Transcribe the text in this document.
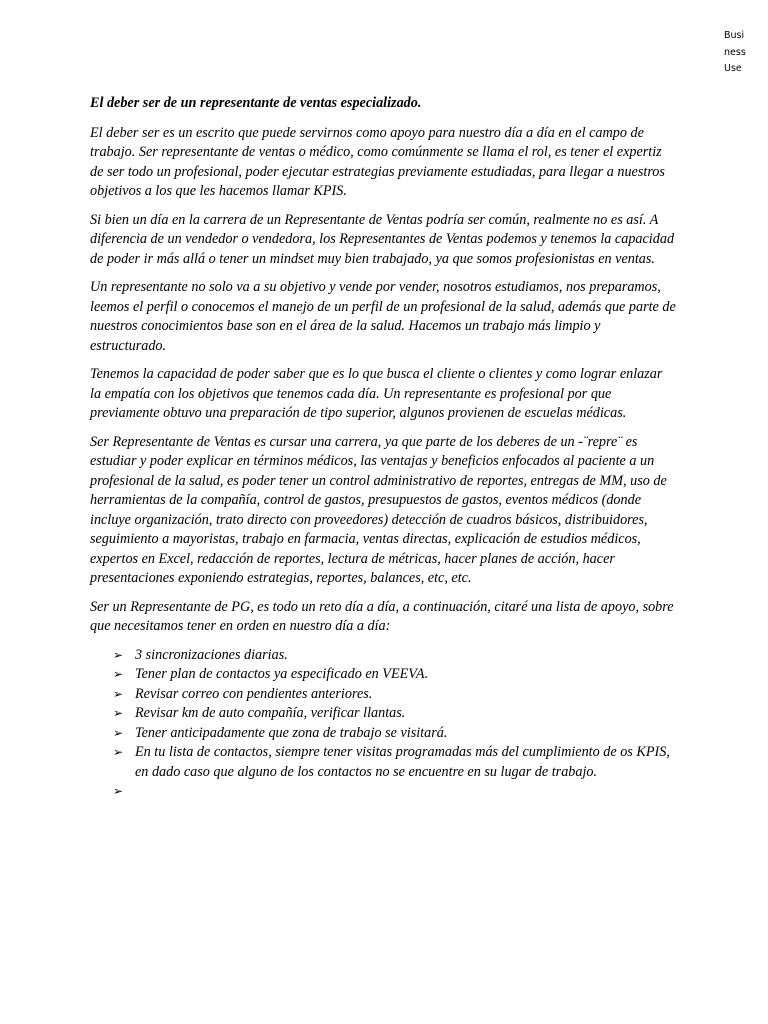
Business Use

El deber ser de un representante de ventas especializado.

El deber ser es un escrito que puede servirnos como apoyo para nuestro día a día en el campo de trabajo. Ser representante de ventas o médico, como comúnmente se llama el rol, es tener el expertiz de ser todo un profesional, poder ejecutar estrategias previamente estudiadas, para llegar a nuestros objetivos a los que les hacemos llamar KPIS.

Si bien un día en la carrera de un Representante de Ventas podría ser común, realmente no es así. A diferencia de un vendedor o vendedora, los Representantes de Ventas podemos y tenemos la capacidad de poder ir más allá o tener un mindset muy bien trabajado, ya que somos profesionistas en ventas.

Un representante no solo va a su objetivo y vende por vender, nosotros estudiamos, nos preparamos, leemos el perfil o conocemos el manejo de un perfil de un profesional de la salud, además que parte de nuestros conocimientos base son en el área de la salud. Hacemos un trabajo más limpio y estructurado.

Tenemos la capacidad de poder saber que es lo que busca el cliente o clientes y como lograr enlazar la empatía con los objetivos que tenemos cada día. Un representante es profesional por que previamente obtuvo una preparación de tipo superior, algunos provienen de escuelas médicas.

Ser Representante de Ventas es cursar una carrera, ya que parte de los deberes de un -¨repre¨ es estudiar y poder explicar en términos médicos, las ventajas y beneficios enfocados al paciente a un profesional de la salud, es poder tener un control administrativo de reportes, entregas de MM, uso de herramientas de la compañía, control de gastos, presupuestos de gastos, eventos médicos (donde incluye organización, trato directo con proveedores) detección de cuadros básicos, distribuidores, seguimiento a mayoristas, trabajo en farmacia, ventas directas, explicación de estudios médicos, expertos en Excel, redacción de reportes, lectura de métricas, hacer planes de acción, hacer presentaciones exponiendo estrategias, reportes, balances, etc, etc.

Ser un Representante de PG, es todo un reto día a día, a continuación, citaré una lista de apoyo, sobre que necesitamos tener en orden en nuestro día a día:

➢ 3 sincronizaciones diarias.
➢ Tener plan de contactos ya especificado en VEEVA.
➢ Revisar correo con pendientes anteriores.
➢ Revisar km de auto compañía, verificar llantas.
➢ Tener anticipadamente que zona de trabajo se visitará.
➢ En tu lista de contactos, siempre tener visitas programadas más del cumplimiento de os KPIS, en dado caso que alguno de los contactos no se encuentre en su lugar de trabajo.
➢
